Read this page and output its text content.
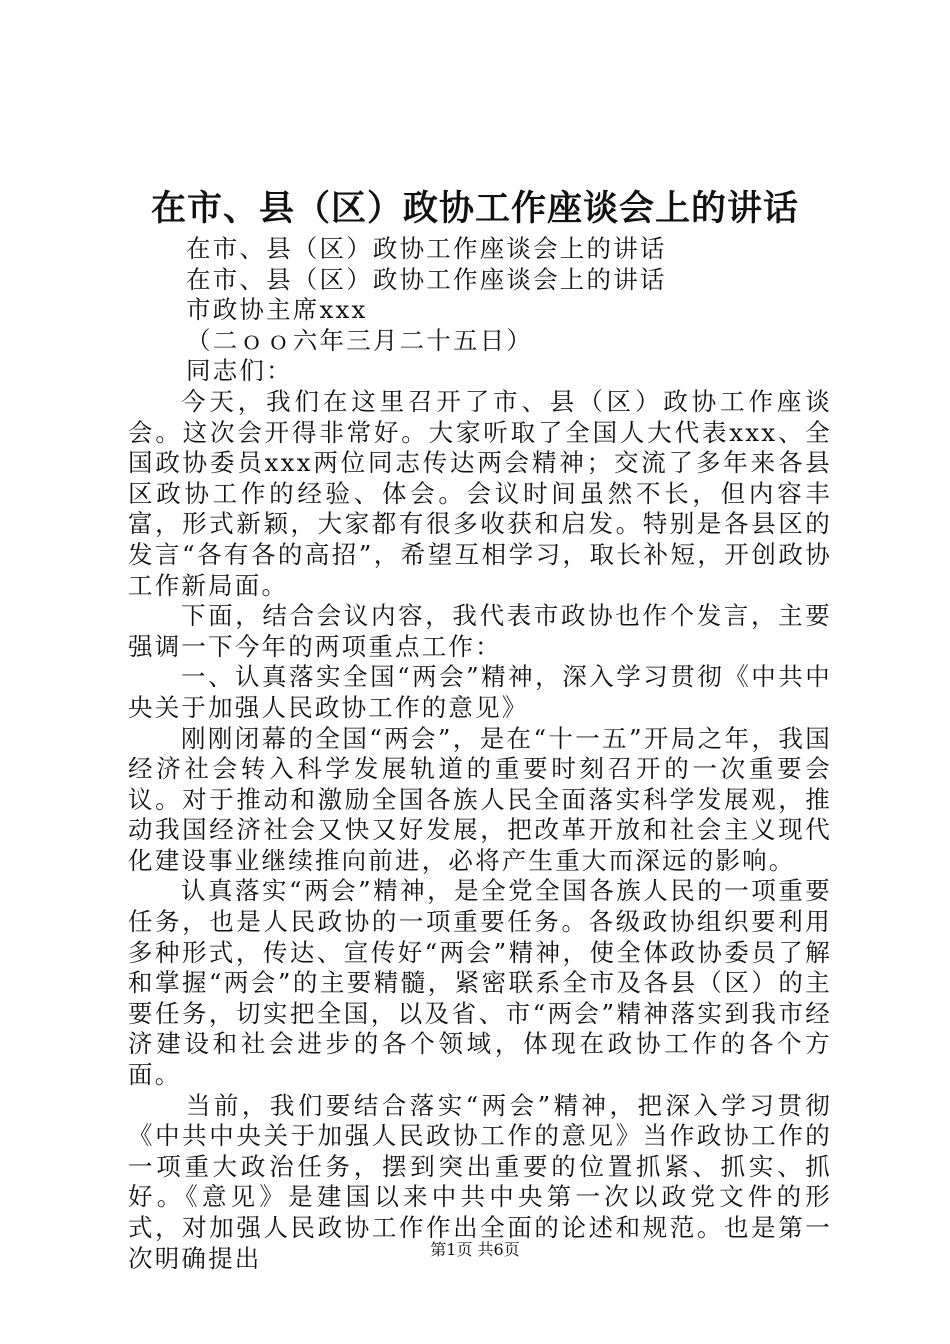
在市、县（区）政协工作座谈会上的讲话

在市、县（区）政协工作座谈会上的讲话

在市、县（区）政协工作座谈会上的讲话

市政协主席xxx

（二ｏｏ六年三月二十五日）

同志们：

今天，我们在这里召开了市、县（区）政协工作座谈会。这次会开得非常好。大家听取了全国人大代表xxx、全国政协委员xxx两位同志传达两会精神；交流了多年来各县区政协工作的经验、体会。会议时间虽然不长，但内容丰富，形式新颖，大家都有很多收获和启发。特别是各县区的发言“各有各的高招”，希望互相学习，取长补短，开创政协工作新局面。

下面，结合会议内容，我代表市政协也作个发言，主要强调一下今年的两项重点工作：

一、认真落实全国“两会”精神，深入学习贯彻《中共中央关于加强人民政协工作的意见》

刚刚闭幕的全国“两会”，是在“十一五”开局之年，我国经济社会转入科学发展轨道的重要时刻召开的一次重要会议。对于推动和激励全国各族人民全面落实科学发展观，推动我国经济社会又快又好发展，把改革开放和社会主义现代化建设事业继续推向前进，必将产生重大而深远的影响。

认真落实“两会”精神，是全党全国各族人民的一项重要任务，也是人民政协的一项重要任务。各级政协组织要利用多种形式，传达、宣传好“两会”精神，使全体政协委员了解和掌握“两会”的主要精髓，紧密联系全市及各县（区）的主要任务，切实把全国，以及省、市“两会”精神落实到我市经济建设和社会进步的各个领域，体现在政协工作的各个方面。

当前，我们要结合落实“两会”精神，把深入学习贯彻《中共中央关于加强人民政协工作的意见》当作政协工作的一项重大政治任务，摆到突出重要的位置抓紧、抓实、抓好。《意见》是建国以来中共中央第一次以政党文件的形式，对加强人民政协工作作出全面的论述和规范。也是第一次明确提出	第1页 共6页
